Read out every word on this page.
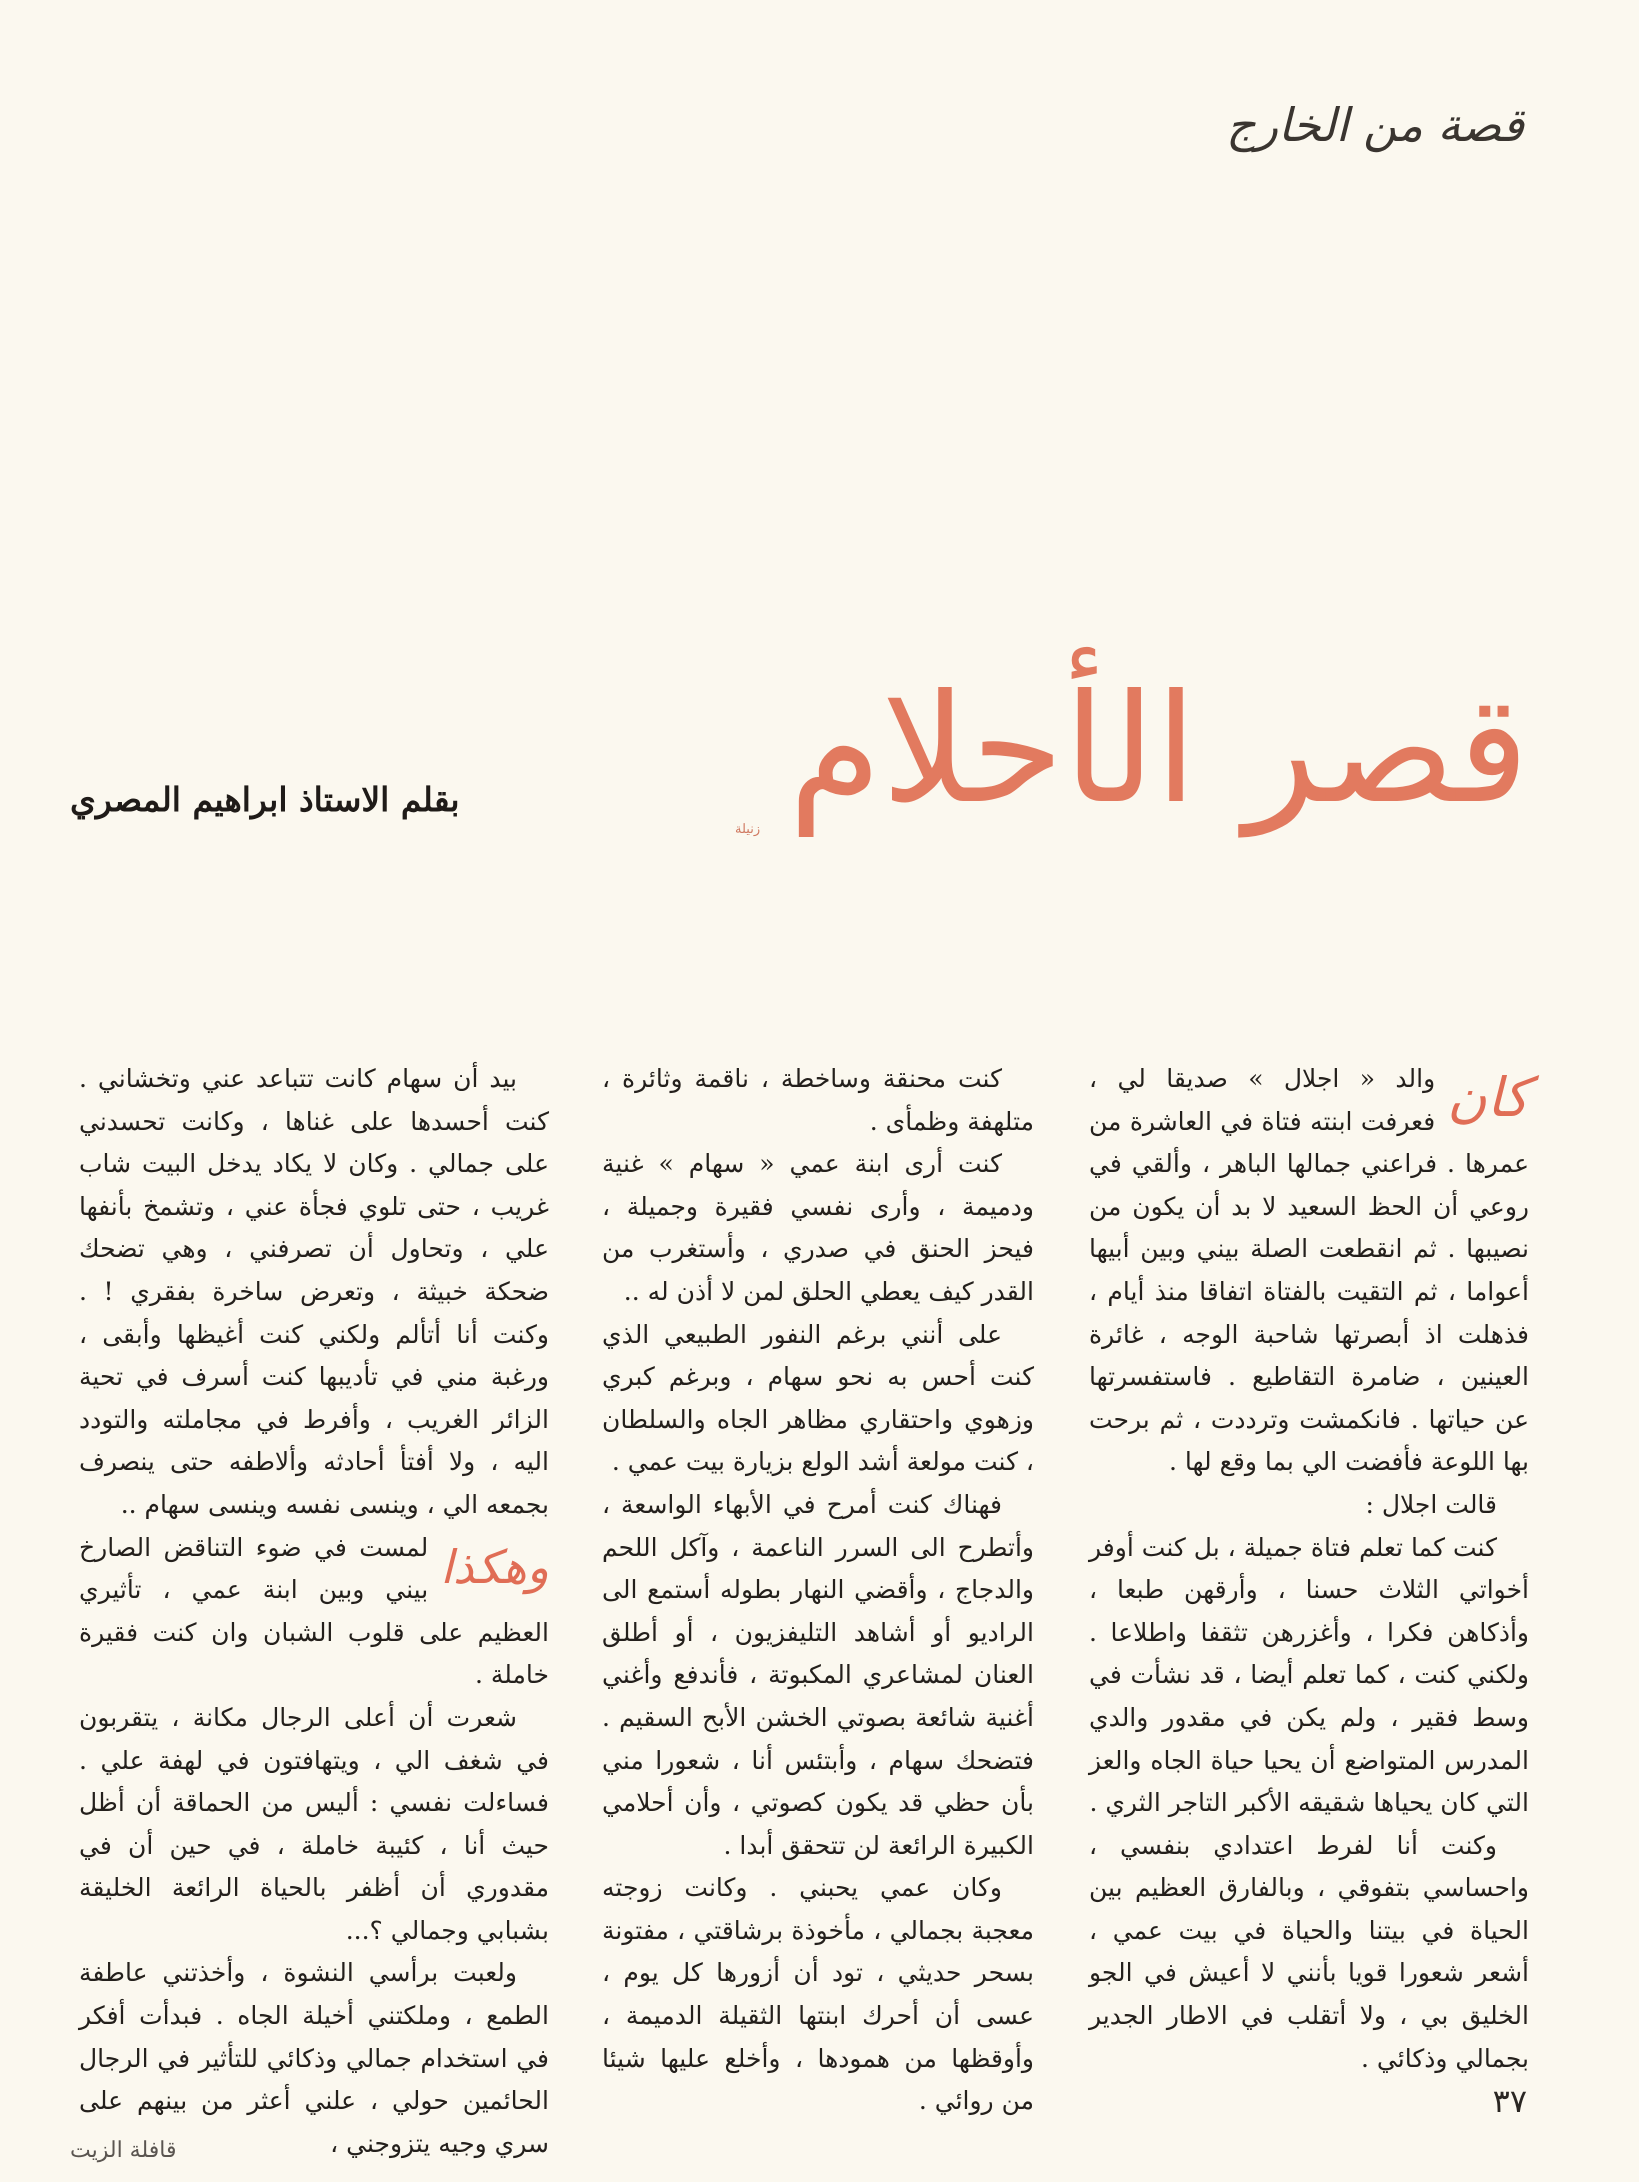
قصة من الخارج
قصر الأحلام
زنيلة
بقلم الاستاذ ابراهيم المصري
كان

والد « اجلال » صديقا لي ، فعرفت ابنته فتاة في العاشرة من عمرها . فراعني جمالها الباهر ، وألقي في روعي أن الحظ السعيد لا بد أن يكون من نصيبها . ثم انقطعت الصلة بيني وبين أبيها أعواما ، ثم التقيت بالفتاة اتفاقا منذ أيام ، فذهلت اذ أبصرتها شاحبة الوجه ، غائرة العينين ، ضامرة التقاطيع . فاستفسرتها عن حياتها . فانكمشت وترددت ، ثم برحت بها اللوعة فأفضت الي بما وقع لها .

قالت اجلال :

كنت كما تعلم فتاة جميلة ، بل كنت أوفر أخواتي الثلاث حسنا ، وأرقهن طبعا ، وأذكاهن فكرا ، وأغزرهن تثقفا واطلاعا . ولكني كنت ، كما تعلم أيضا ، قد نشأت في وسط فقير ، ولم يكن في مقدور والدي المدرس المتواضع أن يحيا حياة الجاه والعز التي كان يحياها شقيقه الأكبر التاجر الثري .

وكنت أنا لفرط اعتدادي بنفسي ، واحساسي بتفوقي ، وبالفارق العظيم بين الحياة في بيتنا والحياة في بيت عمي ، أشعر شعورا قويا بأنني لا أعيش في الجو الخليق بي ، ولا أتقلب في الاطار الجدير بجمالي وذكائي .

كنت محنقة وساخطة ، ناقمة وثائرة ، متلهفة وظمأى .

كنت أرى ابنة عمي « سهام » غنية ودميمة ، وأرى نفسي فقيرة وجميلة ، فيحز الحنق في صدري ، وأستغرب من القدر كيف يعطي الحلق لمن لا أذن له ..

على أنني برغم النفور الطبيعي الذي كنت أحس به نحو سهام ، وبرغم كبري وزهوي واحتقاري مظاهر الجاه والسلطان ، كنت مولعة أشد الولع بزيارة بيت عمي .

فهناك كنت أمرح في الأبهاء الواسعة ، وأتطرح الى السرر الناعمة ، وآكل اللحم والدجاج ، وأقضي النهار بطوله أستمع الى الراديو أو أشاهد التليفزيون ، أو أطلق العنان لمشاعري المكبوتة ، فأندفع وأغني أغنية شائعة بصوتي الخشن الأبح السقيم . فتضحك سهام ، وأبتئس أنا ، شعورا مني بأن حظي قد يكون كصوتي ، وأن أحلامي الكبيرة الرائعة لن تتحقق أبدا .

وكان عمي يحبني . وكانت زوجته معجبة بجمالي ، مأخوذة برشاقتي ، مفتونة بسحر حديثي ، تود أن أزورها كل يوم ، عسى أن أحرك ابنتها الثقيلة الدميمة ، وأوقظها من همودها ، وأخلع عليها شيئا من روائي .

بيد أن سهام كانت تتباعد عني وتخشاني . كنت أحسدها على غناها ، وكانت تحسدني على جمالي . وكان لا يكاد يدخل البيت شاب غريب ، حتى تلوي فجأة عني ، وتشمخ بأنفها علي ، وتحاول أن تصرفني ، وهي تضحك ضحكة خبيثة ، وتعرض ساخرة بفقري ! . وكنت أنا أتألم ولكني كنت أغيظها وأبقى ، ورغبة مني في تأديبها كنت أسرف في تحية الزائر الغريب ، وأفرط في مجاملته والتودد اليه ، ولا أفتأ أحادثه وألاطفه حتى ينصرف بجمعه الي ، وينسى نفسه وينسى سهام ..

وهكذا

لمست في ضوء التناقض الصارخ بيني وبين ابنة عمي ، تأثيري العظيم على قلوب الشبان وان كنت فقيرة خاملة .

شعرت أن أعلى الرجال مكانة ، يتقربون في شغف الي ، ويتهافتون في لهفة علي . فساءلت نفسي : أليس من الحماقة أن أظل حيث أنا ، كئيبة خاملة ، في حين أن في مقدوري أن أظفر بالحياة الرائعة الخليقة بشبابي وجمالي ؟...

ولعبت برأسي النشوة ، وأخذتني عاطفة الطمع ، وملكتني أخيلة الجاه . فبدأت أفكر في استخدام جمالي وذكائي للتأثير في الرجال الحائمين حولي ، علني أعثر من بينهم على سري وجيه يتزوجني ،

٣٧
قافلة الزيت
